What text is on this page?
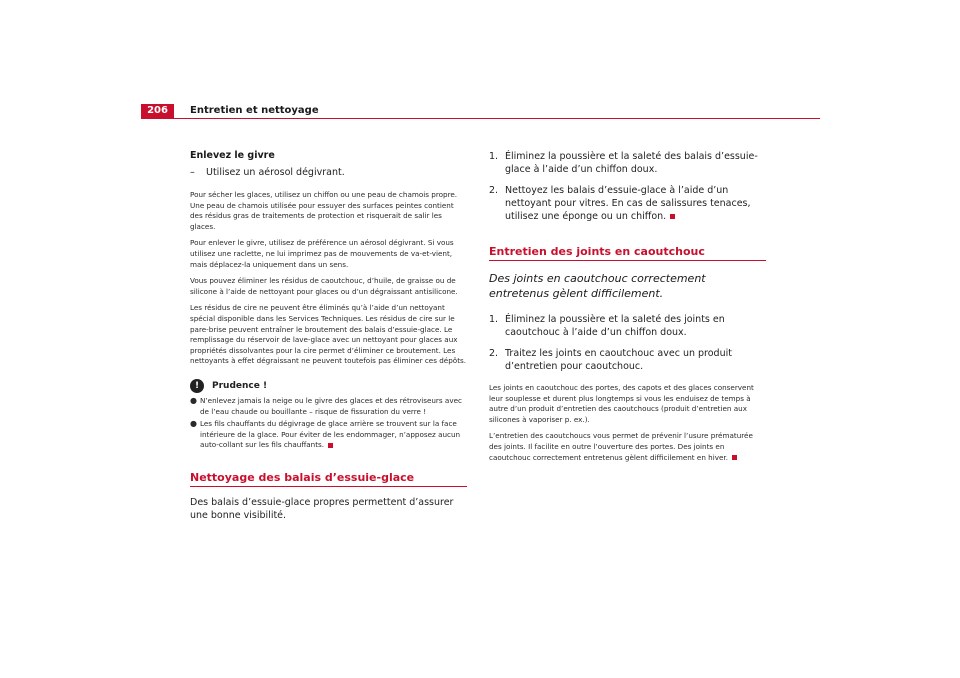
206	Entretien et nettoyage

Enlevez le givre

–	Utilisez un aérosol dégivrant.

Pour sécher les glaces, utilisez un chiffon ou une peau de chamois propre. Une peau de chamois utilisée pour essuyer des surfaces peintes contient des résidus gras de traitements de protection et risquerait de salir les glaces.

Pour enlever le givre, utilisez de préférence un aérosol dégivrant. Si vous utilisez une raclette, ne lui imprimez pas de mouvements de va-et-vient, mais déplacez-la uniquement dans un sens.

Vous pouvez éliminer les résidus de caoutchouc, d’huile, de graisse ou de silicone à l’aide de nettoyant pour glaces ou d’un dégraissant antisilicone.

Les résidus de cire ne peuvent être éliminés qu’à l’aide d’un nettoyant spécial disponible dans les Services Techniques. Les résidus de cire sur le pare-brise peuvent entraîner le broutement des balais d’essuie-glace. Le remplissage du réservoir de lave-glace avec un nettoyant pour glaces aux propriétés dissolvantes pour la cire permet d’éliminer ce broutement. Les nettoyants à effet dégraissant ne peuvent toutefois pas éliminer ces dépôts.

!	Prudence !
● N’enlevez jamais la neige ou le givre des glaces et des rétroviseurs avec de l’eau chaude ou bouillante – risque de fissuration du verre !
● Les fils chauffants du dégivrage de glace arrière se trouvent sur la face intérieure de la glace. Pour éviter de les endommager, n’apposez aucun auto-collant sur les fils chauffants.

Nettoyage des balais d’essuie-glace

Des balais d’essuie-glace propres permettent d’assurer une bonne visibilité.

1. Éliminez la poussière et la saleté des balais d’essuie-glace à l’aide d’un chiffon doux.
2. Nettoyez les balais d’essuie-glace à l’aide d’un nettoyant pour vitres. En cas de salissures tenaces, utilisez une éponge ou un chiffon.

Entretien des joints en caoutchouc

Des joints en caoutchouc correctement entretenus gèlent difficilement.

1. Éliminez la poussière et la saleté des joints en caoutchouc à l’aide d’un chiffon doux.
2. Traitez les joints en caoutchouc avec un produit d’entretien pour caoutchouc.

Les joints en caoutchouc des portes, des capots et des glaces conservent leur souplesse et durent plus longtemps si vous les enduisez de temps à autre d’un produit d’entretien des caoutchoucs (produit d’entretien aux silicones à vaporiser p. ex.).

L’entretien des caoutchoucs vous permet de prévenir l’usure prématurée des joints. Il facilite en outre l’ouverture des portes. Des joints en caoutchouc correctement entretenus gèlent difficilement en hiver.
